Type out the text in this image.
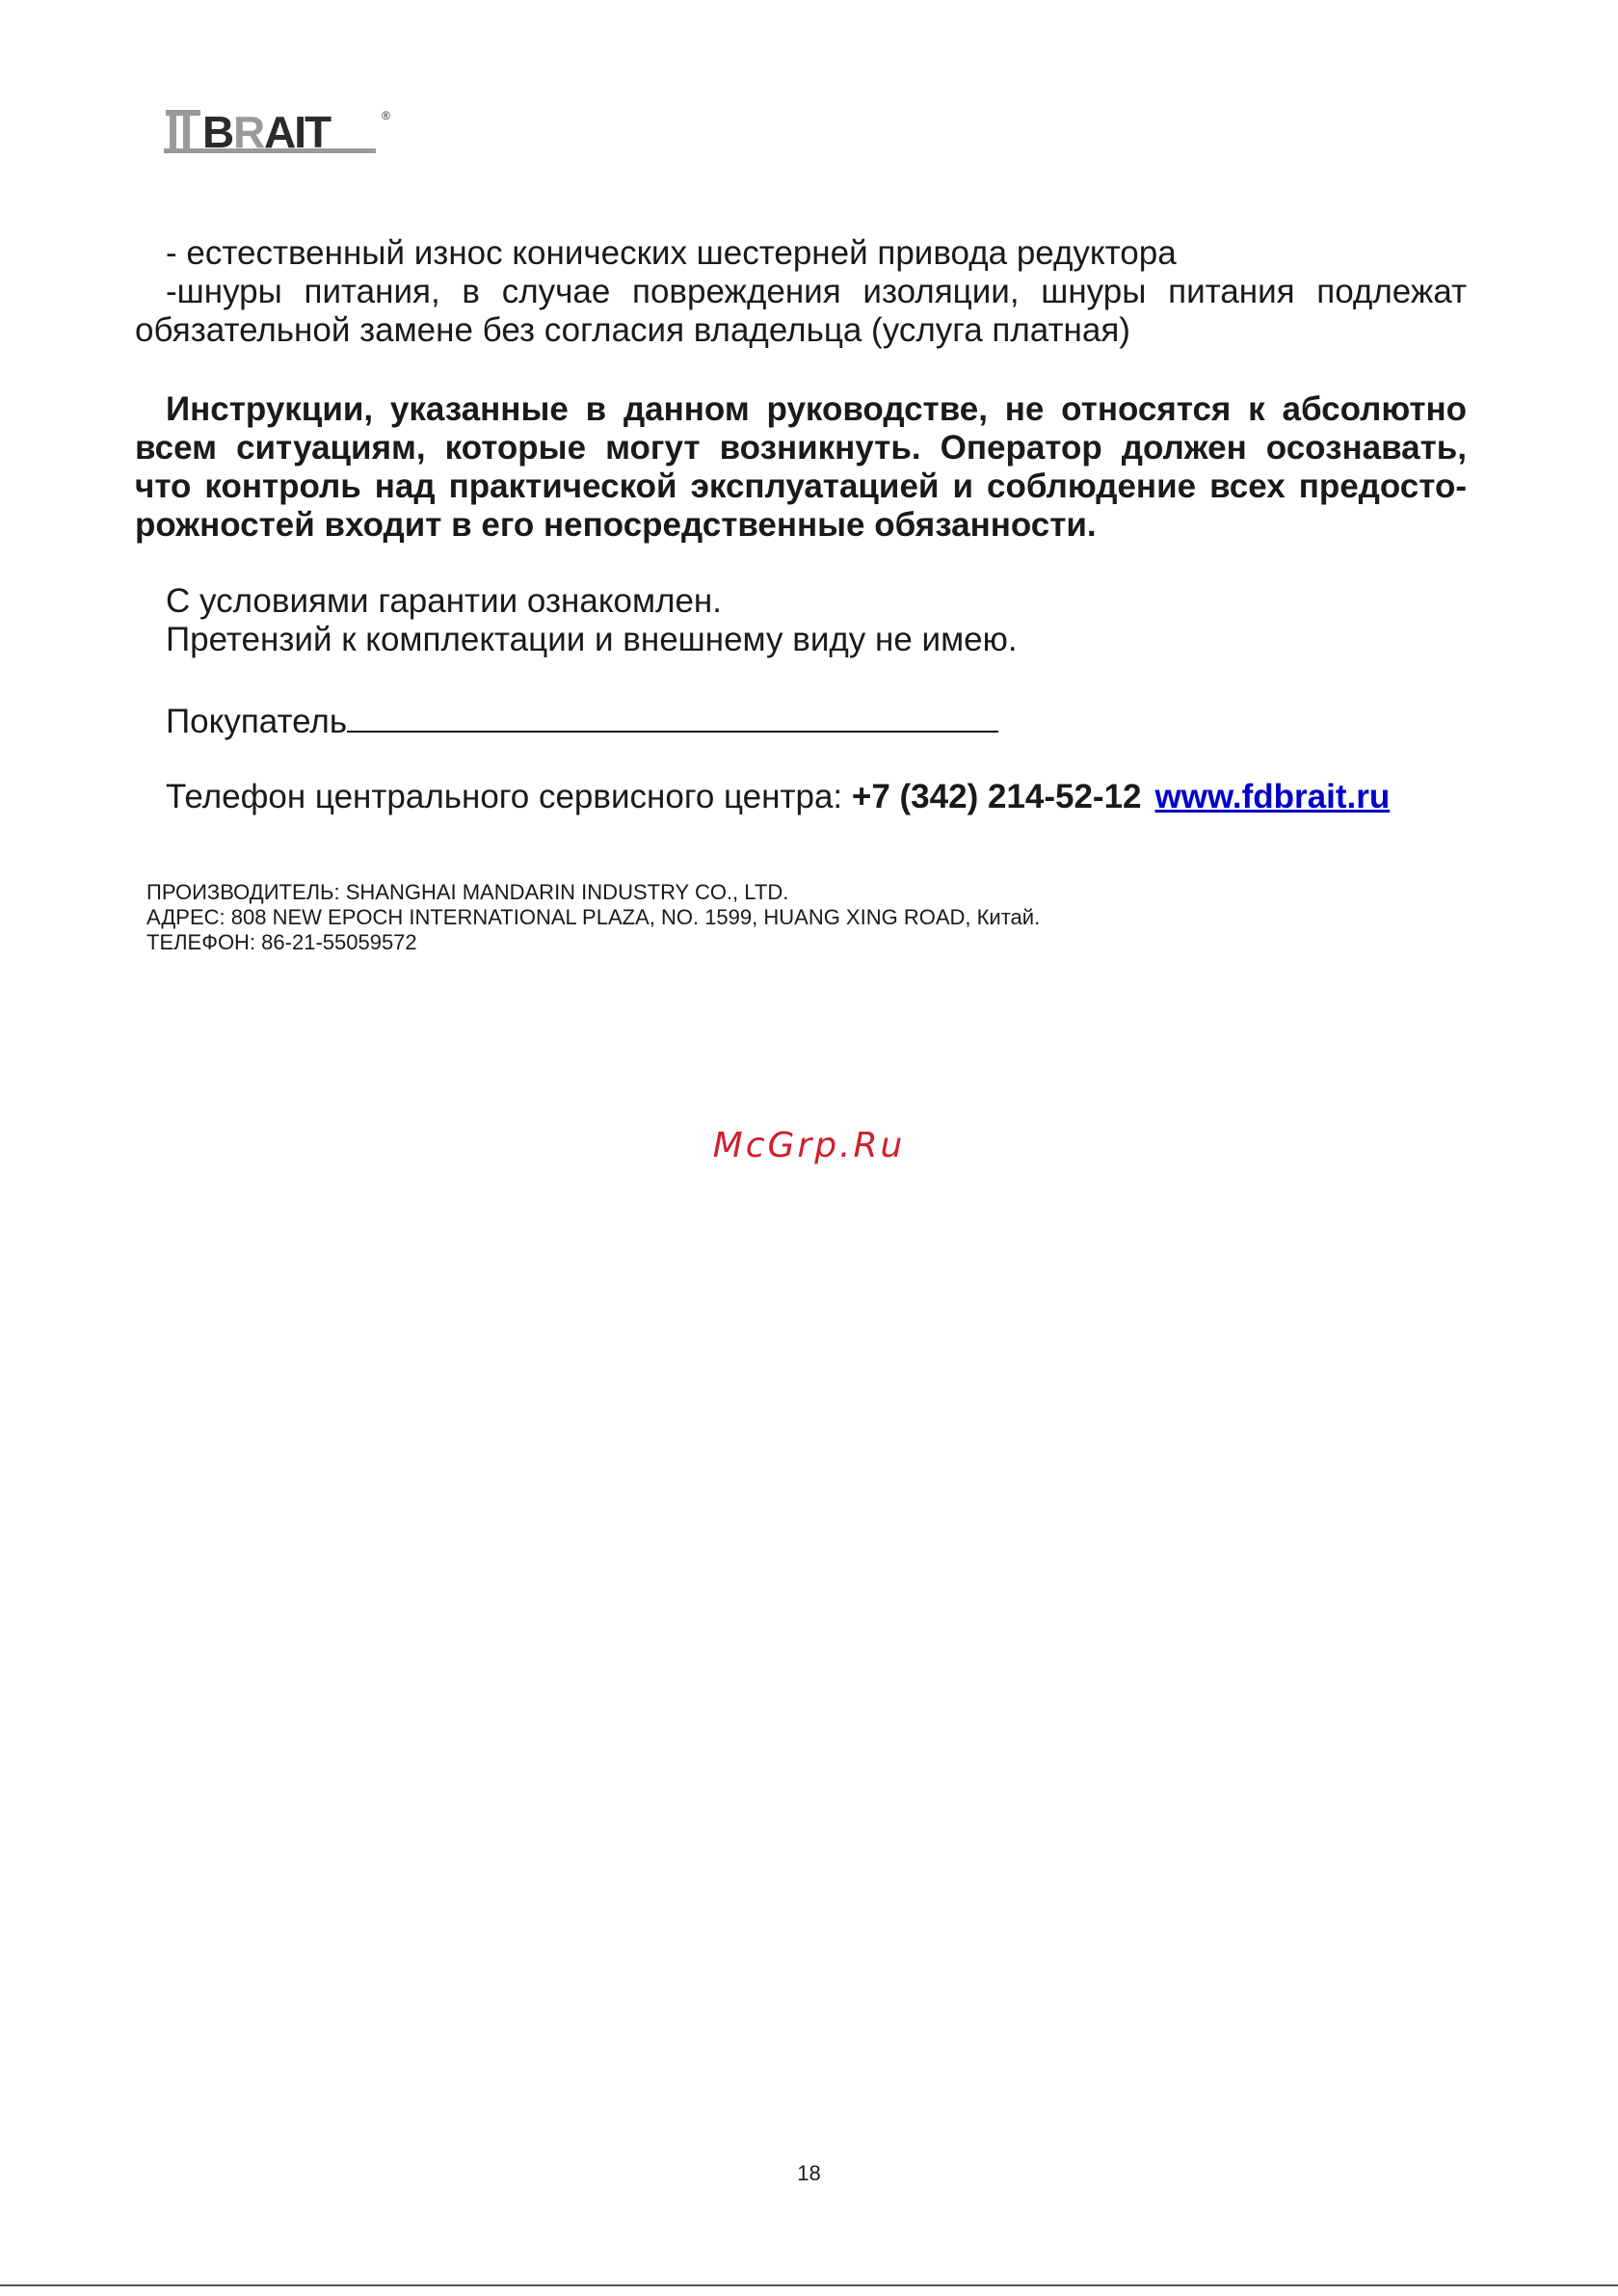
B R AIT	®
- естественный износ конических шестерней привода редуктора
-шнуры питания, в случае повреждения изоляции, шнуры питания подлежат
обязательной замене без согласия владельца (услуга платная)
Инструкции, указанные в данном руководстве, не относятся к абсолютно
всем ситуациям, которые могут возникнуть. Оператор должен осознавать,
что контроль над практической эксплуатацией и соблюдение всех предосто-
рожностей входит в его непосредственные обязанности.
С условиями гарантии ознакомлен.
Претензий к комплектации и внешнему виду не имею.
Покупатель
Телефон центрального сервисного центра: +7 (342) 214-52-12 www.fdbrait.ru
ПРОИЗВОДИТЕЛЬ: SHANGHAI MANDARIN INDUSTRY CO., LTD.
АДРЕС: 808 NEW EPOCH INTERNATIONAL PLAZA, NO. 1599, HUANG XING ROAD, Китай.
ТЕЛЕФОН: 86-21-55059572
McGrp.Ru
18
